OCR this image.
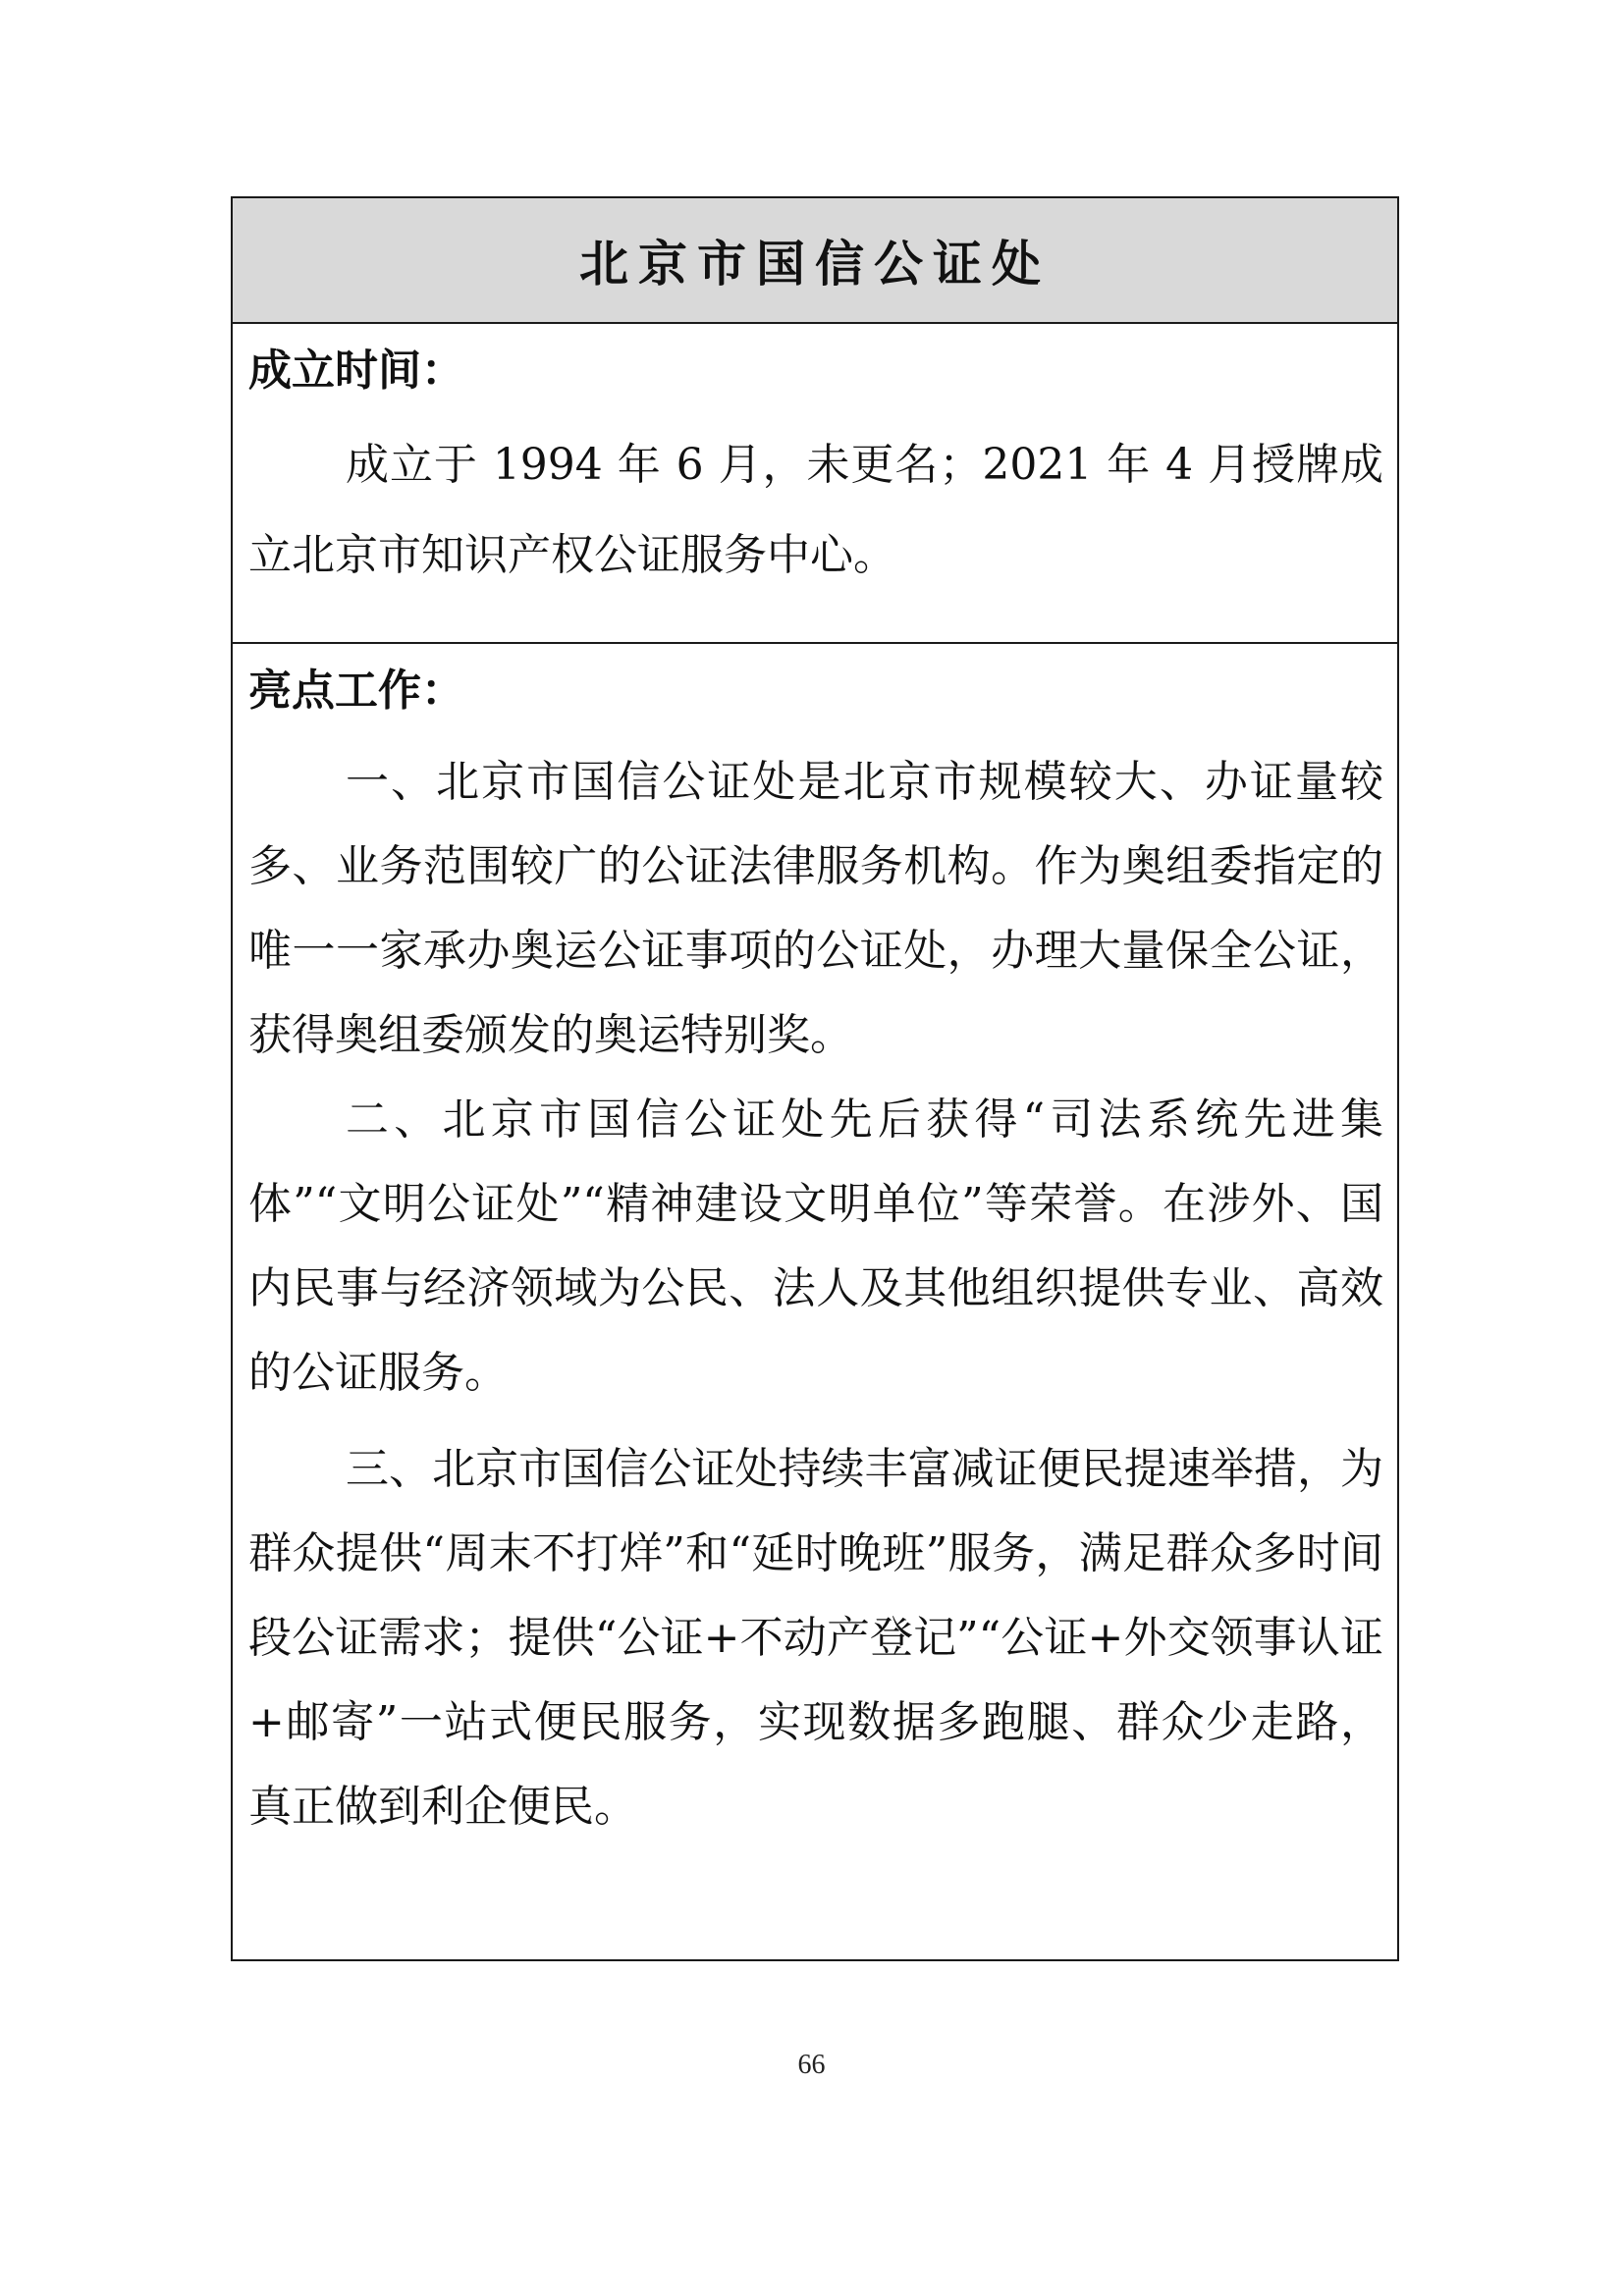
北京市国信公证处

成立时间：

成立于 1994 年 6 月，未更名；2021 年 4 月授牌成立北京市知识产权公证服务中心。

亮点工作：

一、北京市国信公证处是北京市规模较大、办证量较多、业务范围较广的公证法律服务机构。作为奥组委指定的唯一一家承办奥运公证事项的公证处，办理大量保全公证，获得奥组委颁发的奥运特别奖。

二、北京市国信公证处先后获得“司法系统先进集体”“文明公证处”“精神建设文明单位”等荣誉。在涉外、国内民事与经济领域为公民、法人及其他组织提供专业、高效的公证服务。

三、北京市国信公证处持续丰富减证便民提速举措，为群众提供“周末不打烊”和“延时晚班”服务，满足群众多时间段公证需求；提供“公证+不动产登记”“公证+外交领事认证+邮寄”一站式便民服务，实现数据多跑腿、群众少走路，真正做到利企便民。

66
